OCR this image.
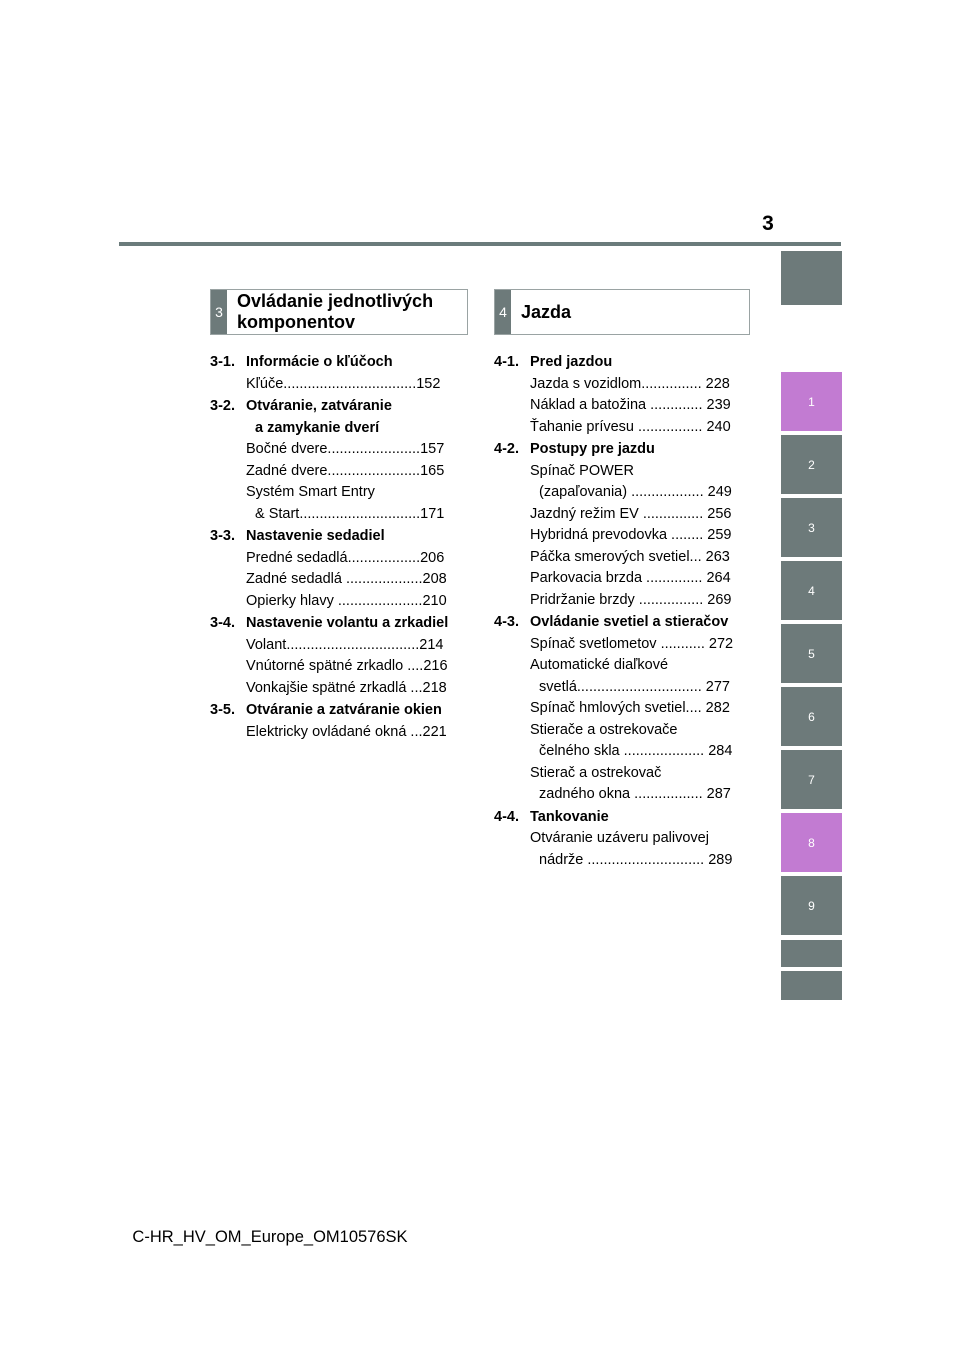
3
1
2
3
4
5
6
7
8
9
3
Ovládanie jednotlivých komponentov	4 Jazda
3-1. Informácie o kľúčoch
Kľúče.................................152
3-2. Otváranie, zatváranie
a zamykanie dverí
Bočné dvere.......................157
Zadné dvere.......................165
Systém Smart Entry
& Start..............................171
3-3. Nastavenie sedadiel
Predné sedadlá..................206
Zadné sedadlá ...................208
Opierky hlavy .....................210
3-4. Nastavenie volantu a zrkadiel
Volant.................................214
Vnútorné spätné zrkadlo ....216
Vonkajšie spätné zrkadlá ...218
3-5. Otváranie a zatváranie okien
Elektricky ovládané okná ...221
4-1. Pred jazdou
Jazda s vozidlom............... 228
Náklad a batožina ............. 239
Ťahanie prívesu ................ 240
4-2. Postupy pre jazdu
Spínač POWER
(zapaľovania) .................. 249
Jazdný režim EV ............... 256
Hybridná prevodovka ........ 259
Páčka smerových svetiel... 263
Parkovacia brzda .............. 264
Pridržanie brzdy ................ 269
4-3. Ovládanie svetiel a stieračov
Spínač svetlometov ........... 272
Automatické diaľkové
svetlá............................... 277
Spínač hmlových svetiel.... 282
Stierače a ostrekovače
čelného skla .................... 284
Stierač a ostrekovač
zadného okna ................. 287
4-4. Tankovanie
Otváranie uzáveru palivovej
nádrže ............................. 289
C-HR_HV_OM_Europe_OM10576SK
